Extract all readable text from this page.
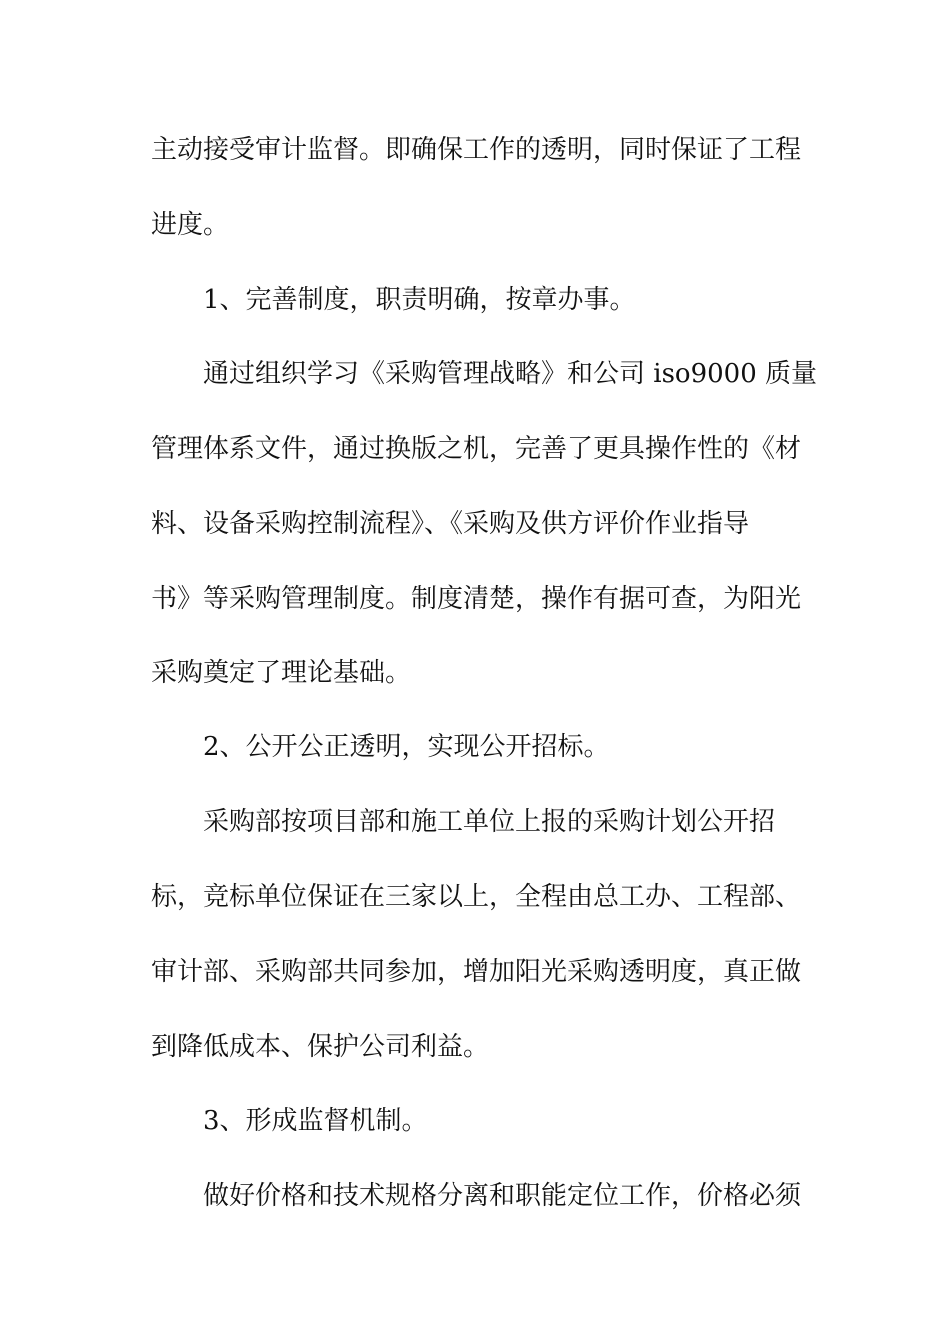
主动接受审计监督。即确保工作的透明，同时保证了工程

进度。

1、完善制度，职责明确，按章办事。

通过组织学习《采购管理战略》和公司 iso9000 质量

管理体系文件，通过换版之机，完善了更具操作性的《材

料、设备采购控制流程》、《采购及供方评价作业指导

书》等采购管理制度。制度清楚，操作有据可查，为阳光

采购奠定了理论基础。

2、公开公正透明，实现公开招标。

采购部按项目部和施工单位上报的采购计划公开招

标，竞标单位保证在三家以上，全程由总工办、工程部、

审计部、采购部共同参加，增加阳光采购透明度，真正做

到降低成本、保护公司利益。

3、形成监督机制。

做好价格和技术规格分离和职能定位工作，价格必须
